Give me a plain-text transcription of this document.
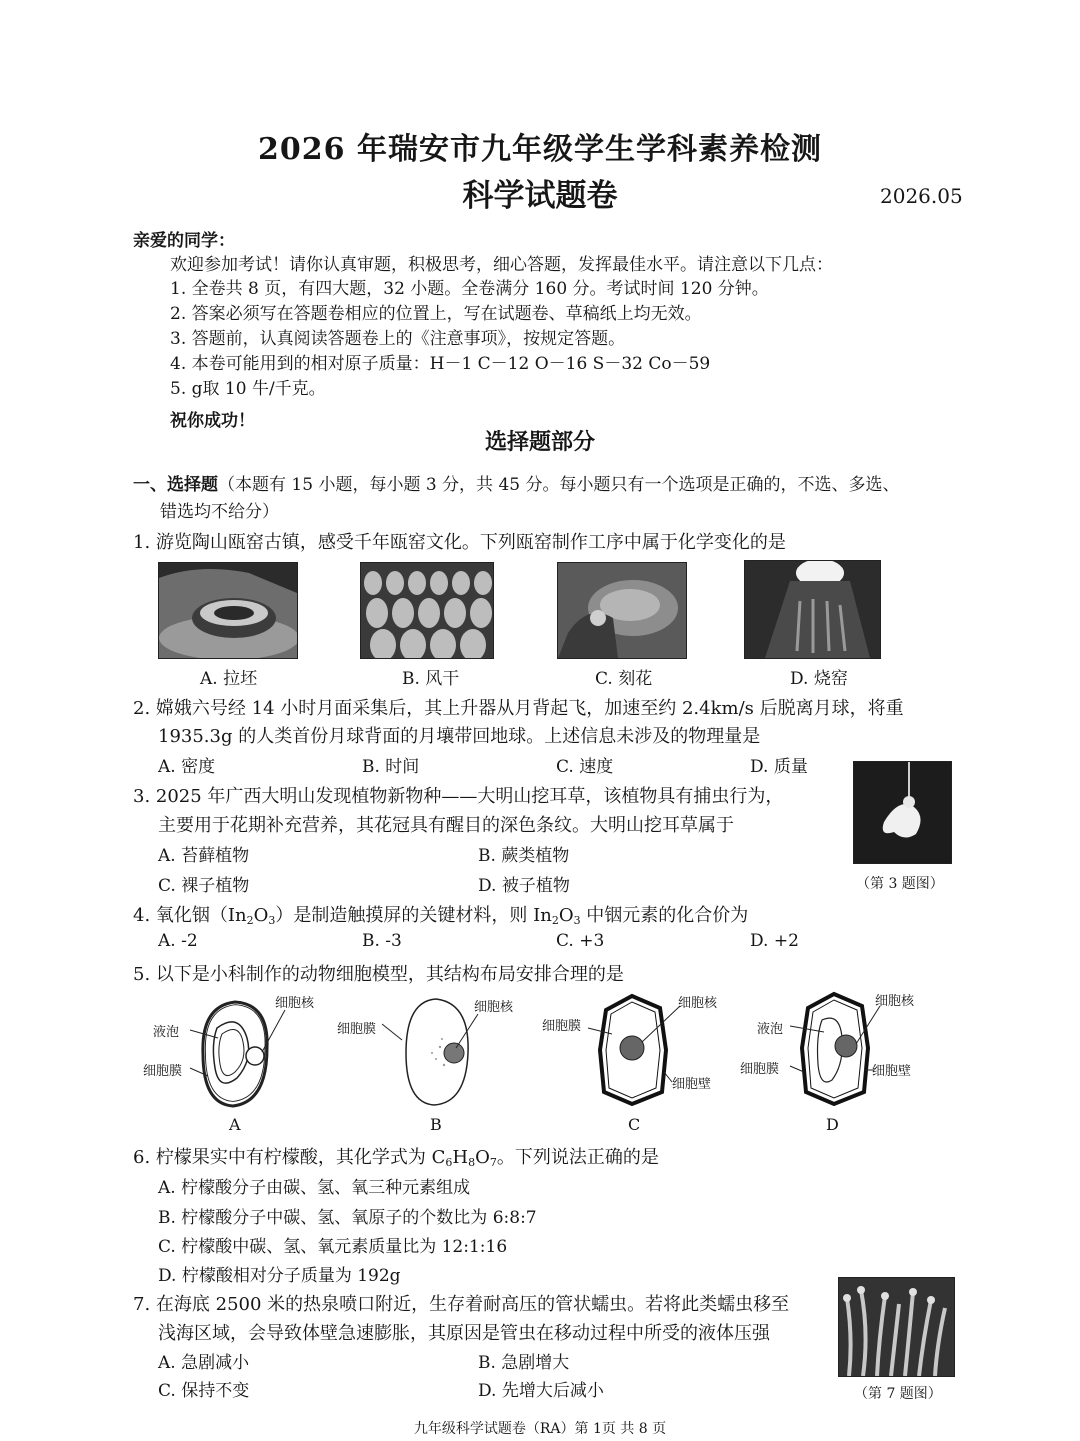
2026 年瑞安市九年级学生学科素养检测
科学试题卷	2026.05
亲爱的同学：
欢迎参加考试！请你认真审题，积极思考，细心答题，发挥最佳水平。请注意以下几点：
1. 全卷共 8 页，有四大题，32 小题。全卷满分 160 分。考试时间 120 分钟。
2. 答案必须写在答题卷相应的位置上，写在试题卷、草稿纸上均无效。
3. 答题前，认真阅读答题卷上的《注意事项》，按规定答题。
4. 本卷可能用到的相对原子质量：H－1 C－12 O－16 S－32 Co－59
5. g取 10 牛/千克。
祝你成功！
选择题部分
一、选择题（本题有 15 小题，每小题 3 分，共 45 分。每小题只有一个选项是正确的，不选、多选、
错选均不给分）
1. 游览陶山瓯窑古镇，感受千年瓯窑文化。下列瓯窑制作工序中属于化学变化的是
A. 拉坯	B. 风干	C. 刻花	D. 烧窑
2. 嫦娥六号经 14 小时月面采集后，其上升器从月背起飞，加速至约 2.4km/s 后脱离月球，将重
1935.3g 的人类首份月球背面的月壤带回地球。上述信息未涉及的物理量是
A. 密度	B. 时间	C. 速度	D. 质量
3. 2025 年广西大明山发现植物新物种——大明山挖耳草，该植物具有捕虫行为，
主要用于花期补充营养，其花冠具有醒目的深色条纹。大明山挖耳草属于
A. 苔藓植物	B. 蕨类植物
C. 裸子植物	D. 被子植物	（第 3 题图）
4. 氧化铟$(In_2O_3)$是制造触摸屏的关键材料，则 $In_2O_3$ 中铟元素的化合价为
A. -2	B. -3	C. +3	D. +2
5. 以下是小科制作的动物细胞模型，其结构布局安排合理的是
细胞核
液泡
细胞膜
A
细胞核
细胞膜
B
细胞核
细胞膜
细胞壁
C
细胞核
液泡
细胞膜	细胞壁
D
6. 柠檬果实中有柠檬酸，其化学式为 $C_6H_8O_7$。下列说法正确的是
A. 柠檬酸分子由碳、氢、氧三种元素组成
B. 柠檬酸分子中碳、氢、氧原子的个数比为 6:8:7
C. 柠檬酸中碳、氢、氧元素质量比为 12:1:16
D. 柠檬酸相对分子质量为 192g
7. 在海底 2500 米的热泉喷口附近，生存着耐高压的管状蠕虫。若将此类蠕虫移至
浅海区域，会导致体壁急速膨胀，其原因是管虫在移动过程中所受的液体压强
A. 急剧减小	B. 急剧增大
C. 保持不变	D. 先增大后减小	（第 7 题图）
九年级科学试题卷（RA）第 1页 共 8 页
